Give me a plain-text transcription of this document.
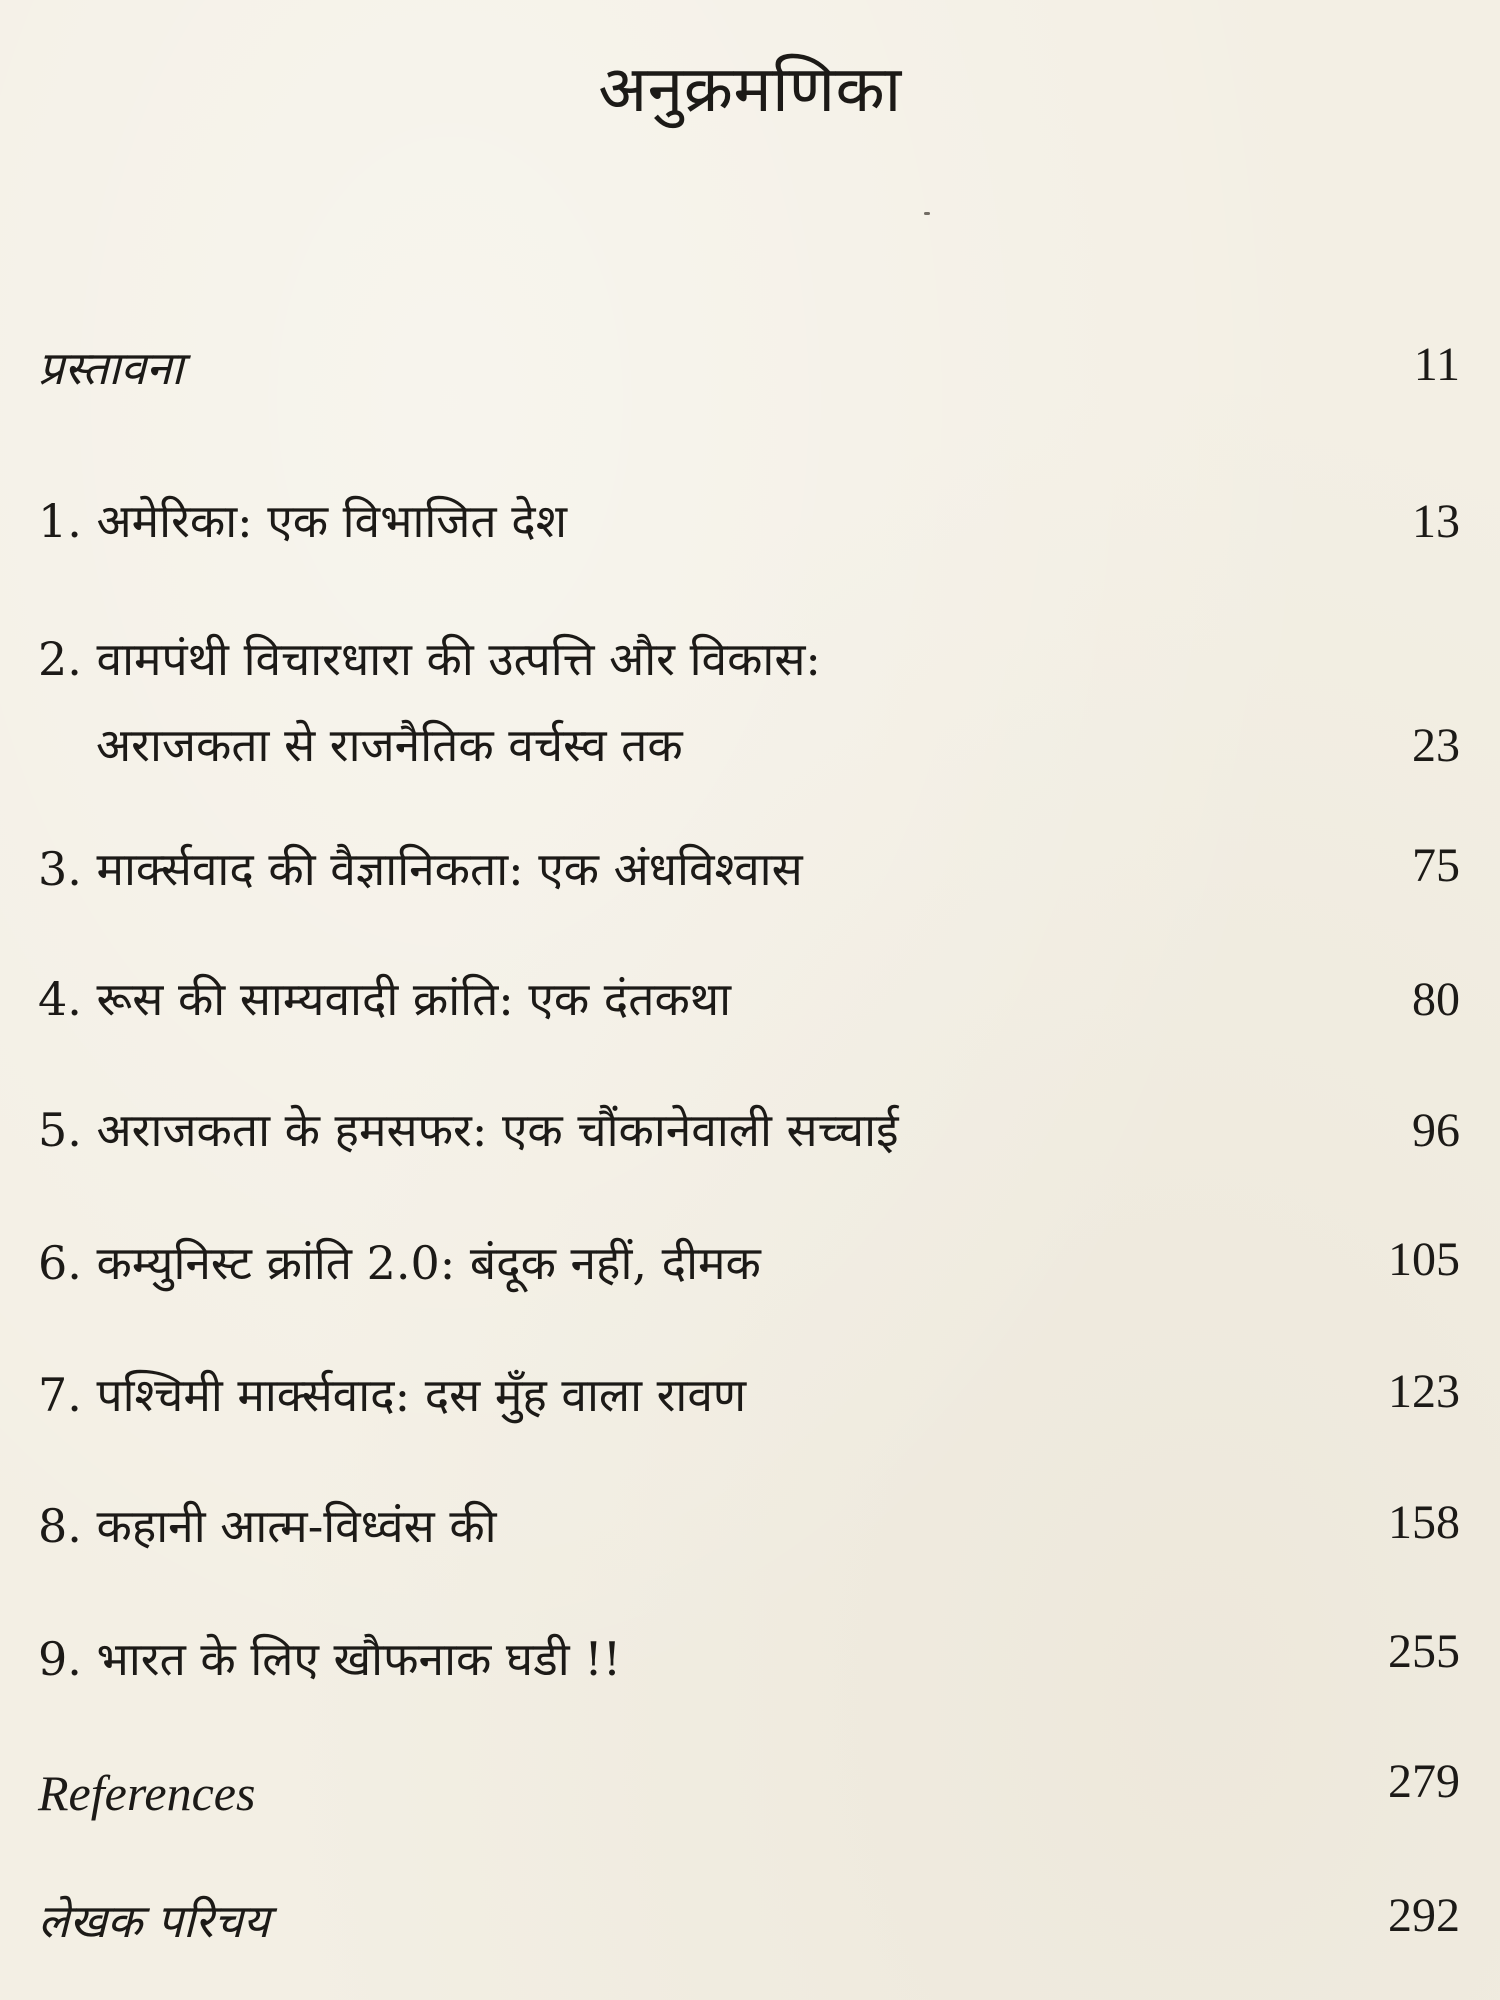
अनुक्रमणिका
प्रस्तावना	11
1. अमेरिका: एक विभाजित देश	13
2. वामपंथी विचारधारा की उत्पत्ति और विकास:
अराजकता से राजनैतिक वर्चस्व तक	23
3. मार्क्सवाद की वैज्ञानिकता: एक अंधविश्वास	75
4. रूस की साम्यवादी क्रांति: एक दंतकथा	80
5. अराजकता के हमसफर: एक चौंकानेवाली सच्चाई	96
6. कम्युनिस्ट क्रांति 2.0: बंदूक नहीं, दीमक	105
7. पश्चिमी मार्क्सवाद: दस मुँह वाला रावण	123
8. कहानी आत्म-विध्वंस की	158
9. भारत के लिए खौफनाक घडी !!	255
References	279
लेखक परिचय	292
